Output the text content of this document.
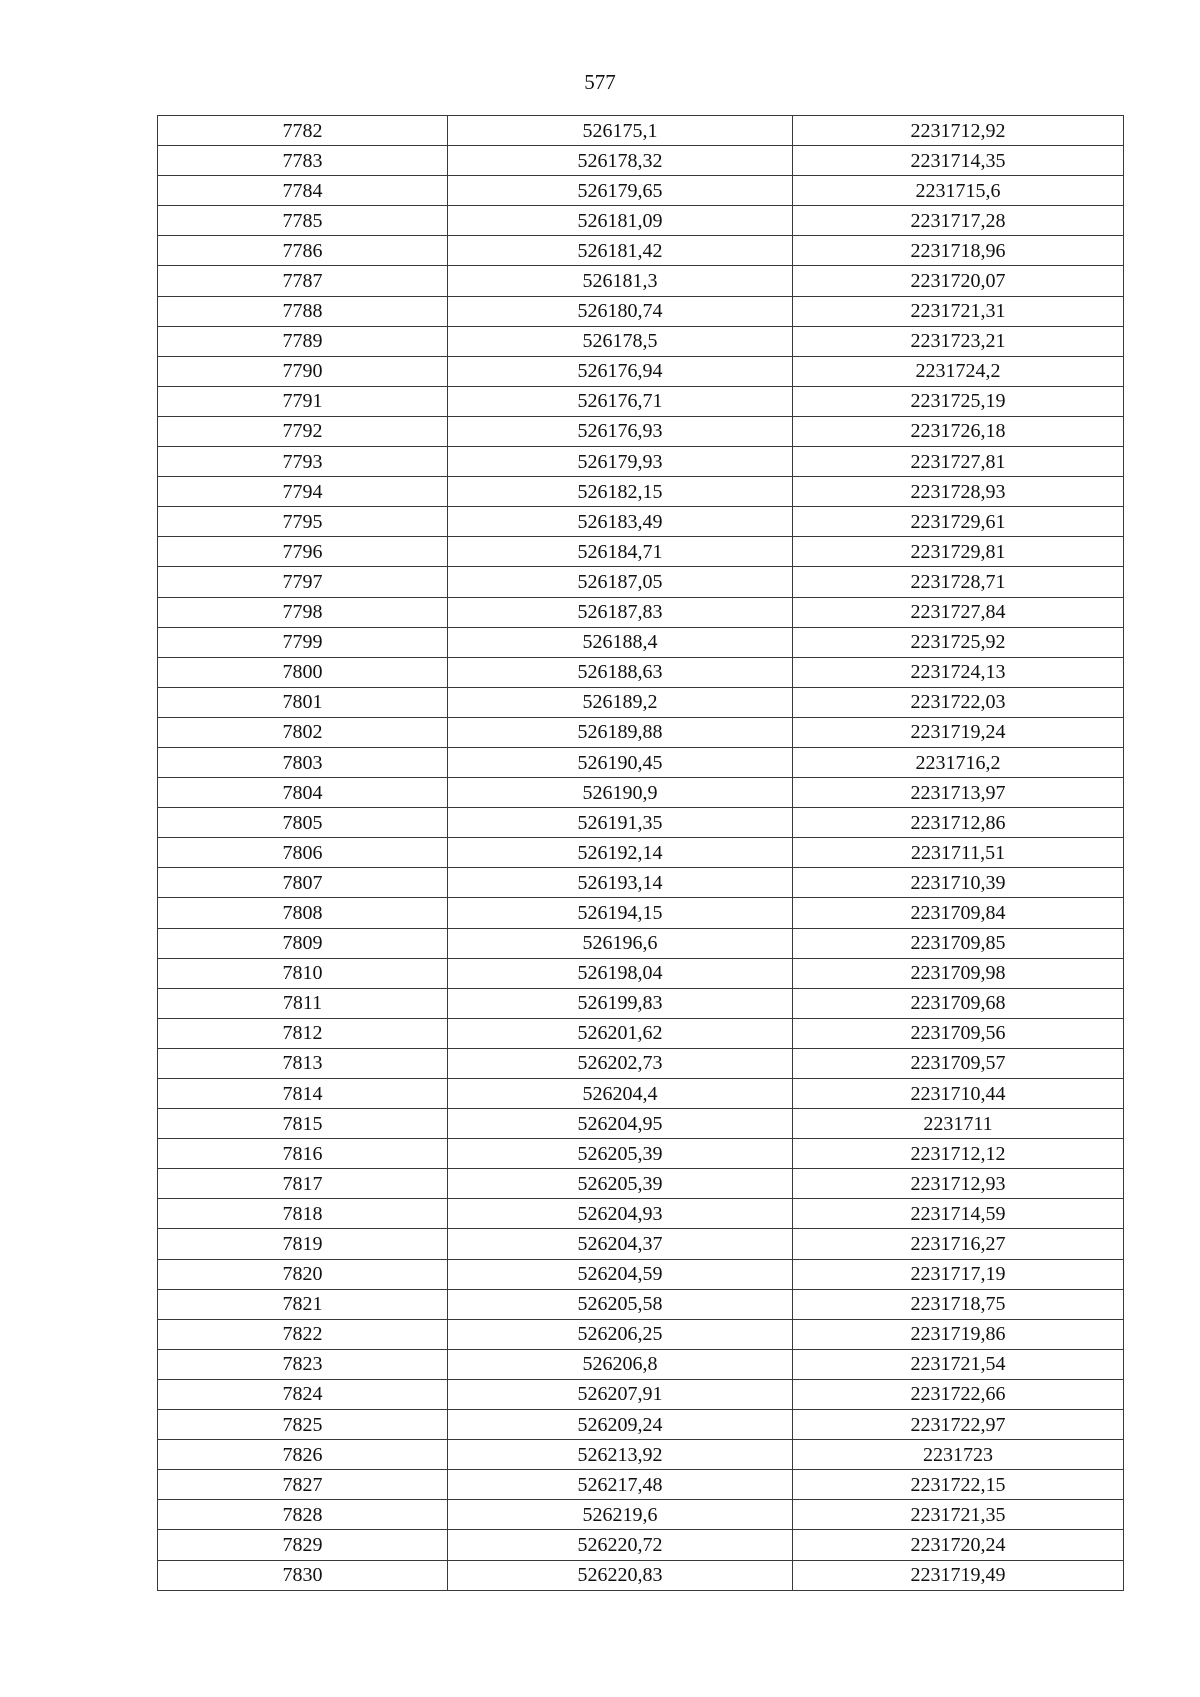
577
7782	526175,1	2231712,92
7783	526178,32	2231714,35
7784	526179,65	2231715,6
7785	526181,09	2231717,28
7786	526181,42	2231718,96
7787	526181,3	2231720,07
7788	526180,74	2231721,31
7789	526178,5	2231723,21
7790	526176,94	2231724,2
7791	526176,71	2231725,19
7792	526176,93	2231726,18
7793	526179,93	2231727,81
7794	526182,15	2231728,93
7795	526183,49	2231729,61
7796	526184,71	2231729,81
7797	526187,05	2231728,71
7798	526187,83	2231727,84
7799	526188,4	2231725,92
7800	526188,63	2231724,13
7801	526189,2	2231722,03
7802	526189,88	2231719,24
7803	526190,45	2231716,2
7804	526190,9	2231713,97
7805	526191,35	2231712,86
7806	526192,14	2231711,51
7807	526193,14	2231710,39
7808	526194,15	2231709,84
7809	526196,6	2231709,85
7810	526198,04	2231709,98
7811	526199,83	2231709,68
7812	526201,62	2231709,56
7813	526202,73	2231709,57
7814	526204,4	2231710,44
7815	526204,95	2231711
7816	526205,39	2231712,12
7817	526205,39	2231712,93
7818	526204,93	2231714,59
7819	526204,37	2231716,27
7820	526204,59	2231717,19
7821	526205,58	2231718,75
7822	526206,25	2231719,86
7823	526206,8	2231721,54
7824	526207,91	2231722,66
7825	526209,24	2231722,97
7826	526213,92	2231723
7827	526217,48	2231722,15
7828	526219,6	2231721,35
7829	526220,72	2231720,24
7830	526220,83	2231719,49
